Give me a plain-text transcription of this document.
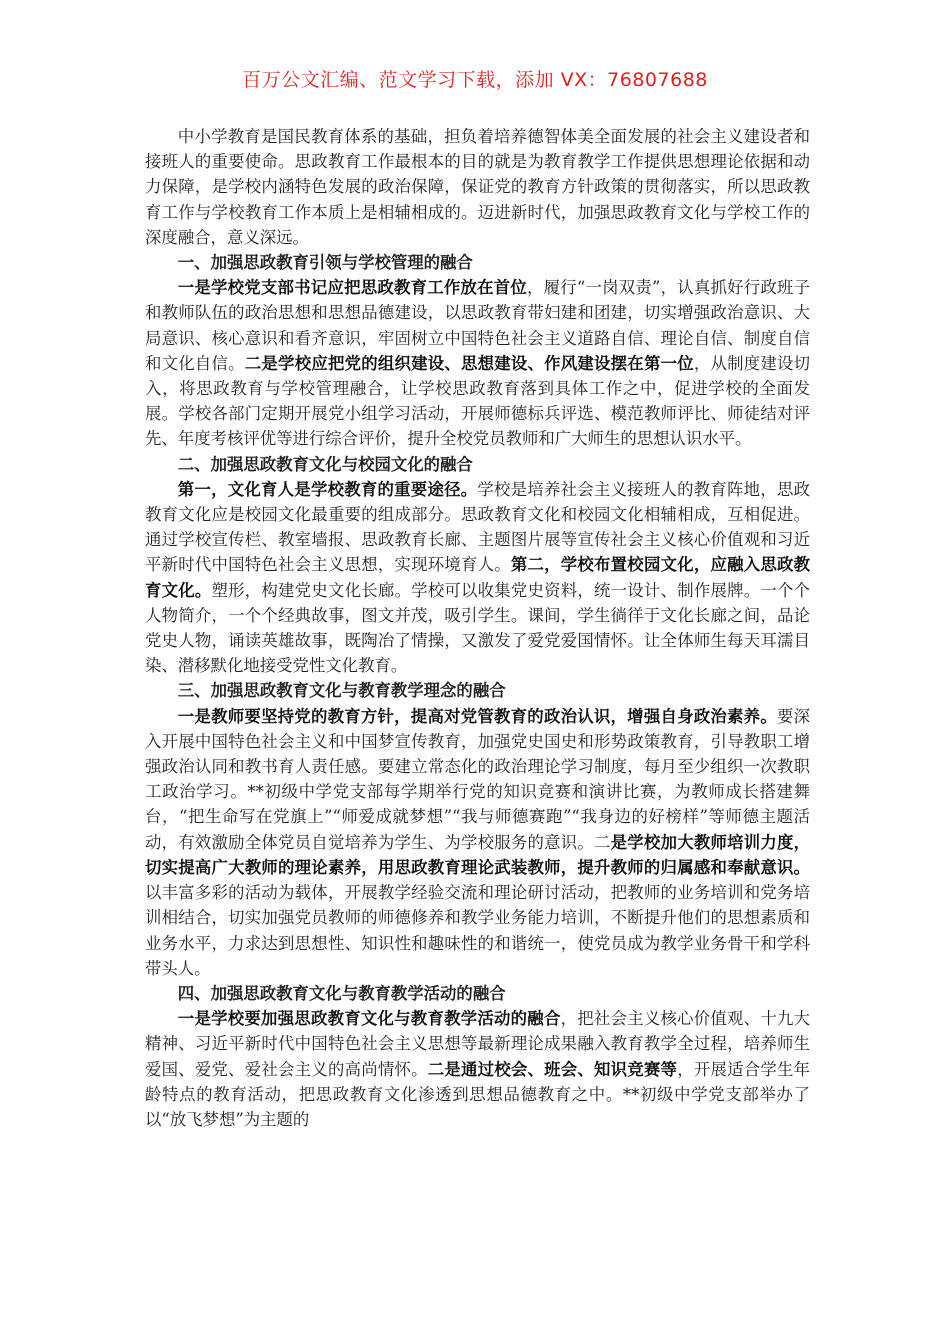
百万公文汇编、范文学习下载，添加 VX：76807688

中小学教育是国民教育体系的基础，担负着培养德智体美全面发展的社会主义建设者和接班人的重要使命。思政教育工作最根本的目的就是为教育教学工作提供思想理论依据和动力保障，是学校内涵特色发展的政治保障，保证党的教育方针政策的贯彻落实，所以思政教育工作与学校教育工作本质上是相辅相成的。迈进新时代，加强思政教育文化与学校工作的深度融合，意义深远。

一、加强思政教育引领与学校管理的融合

一是学校党支部书记应把思政教育工作放在首位，履行“一岗双责”，认真抓好行政班子和教师队伍的政治思想和思想品德建设，以思政教育带妇建和团建，切实增强政治意识、大局意识、核心意识和看齐意识，牢固树立中国特色社会主义道路自信、理论自信、制度自信和文化自信。二是学校应把党的组织建设、思想建设、作风建设摆在第一位，从制度建设切入，将思政教育与学校管理融合，让学校思政教育落到具体工作之中，促进学校的全面发展。学校各部门定期开展党小组学习活动，开展师德标兵评选、模范教师评比、师徒结对评先、年度考核评优等进行综合评价，提升全校党员教师和广大师生的思想认识水平。

二、加强思政教育文化与校园文化的融合

第一，文化育人是学校教育的重要途径。学校是培养社会主义接班人的教育阵地，思政教育文化应是校园文化最重要的组成部分。思政教育文化和校园文化相辅相成，互相促进。通过学校宣传栏、教室墙报、思政教育长廊、主题图片展等宣传社会主义核心价值观和习近平新时代中国特色社会主义思想，实现环境育人。第二，学校布置校园文化，应融入思政教育文化。塑形，构建党史文化长廊。学校可以收集党史资料，统一设计、制作展牌。一个个人物简介，一个个经典故事，图文并茂，吸引学生。课间，学生徜徉于文化长廊之间，品论党史人物，诵读英雄故事，既陶冶了情操，又激发了爱党爱国情怀。让全体师生每天耳濡目染、潜移默化地接受党性文化教育。

三、加强思政教育文化与教育教学理念的融合

一是教师要坚持党的教育方针，提高对党管教育的政治认识，增强自身政治素养。要深入开展中国特色社会主义和中国梦宣传教育，加强党史国史和形势政策教育，引导教职工增强政治认同和教书育人责任感。要建立常态化的政治理论学习制度，每月至少组织一次教职工政治学习。**初级中学党支部每学期举行党的知识竞赛和演讲比赛，为教师成长搭建舞台，“把生命写在党旗上”“师爱成就梦想”“我与师德赛跑”“我身边的好榜样”等师德主题活动，有效激励全体党员自觉培养为学生、为学校服务的意识。二是学校加大教师培训力度，切实提高广大教师的理论素养，用思政教育理论武装教师，提升教师的归属感和奉献意识。以丰富多彩的活动为载体，开展教学经验交流和理论研讨活动，把教师的业务培训和党务培训相结合，切实加强党员教师的师德修养和教学业务能力培训，不断提升他们的思想素质和业务水平，力求达到思想性、知识性和趣味性的和谐统一，使党员成为教学业务骨干和学科带头人。

四、加强思政教育文化与教育教学活动的融合

一是学校要加强思政教育文化与教育教学活动的融合，把社会主义核心价值观、十九大精神、习近平新时代中国特色社会主义思想等最新理论成果融入教育教学全过程，培养师生爱国、爱党、爱社会主义的高尚情怀。二是通过校会、班会、知识竞赛等，开展适合学生年龄特点的教育活动，把思政教育文化渗透到思想品德教育之中。**初级中学党支部举办了以“放飞梦想”为主题的
